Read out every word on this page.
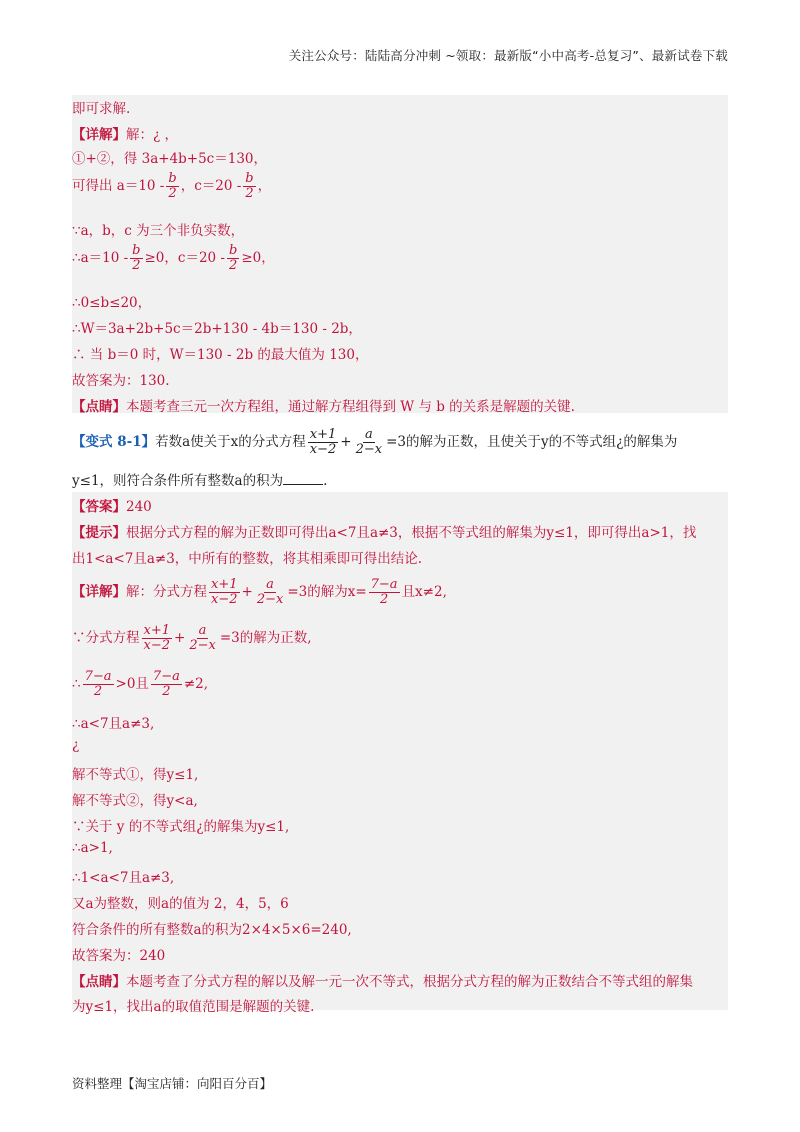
关注公众号：陆陆高分冲刺 ~领取：最新版“小中高考-总复习”、最新试卷下载
即可求解.
【详解】解：¿ ，
①+②，得 3a+4b+5c＝130，
可得出 $a=10 - \frac{b}{2}$ ，$c=20 - \frac{b}{2}$ ，
∵a，b，c 为三个非负实数，
∴a＝10 - $\frac{b}{2} \ge 0$，$c=20 - \frac{b}{2} \ge 0$，
∴0≤b≤20，
∴W＝3a+2b+5c＝2b+130 - 4b＝130 - 2b，
∴ 当 b＝0 时，W＝130 - 2b 的最大值为 130，
故答案为：130.
【点睛】本题考查三元一次方程组，通过解方程组得到 W 与 b 的关系是解题的关键.
【变式 8-1】若数a使关于x的分式方程 $\frac{x+1}{x-2} + \frac{a}{2-x} =3$的解为正数，且使关于y的不等式组¿的解集为
y≤1，则符合条件所有整数a的积为	.
【答案】240
【提示】根据分式方程的解为正数即可得出a<7且a≠3，根据不等式组的解集为y≤1，即可得出a>1，找
出1<a<7且a≠3，中所有的整数，将其相乘即可得出结论.
【详解】解：分式方程 $\frac{x+1}{x-2} + \frac{a}{2-x} =3$的解为$x= \frac{7-a}{2}$ 且x≠2,
∵分式方程 $\frac{x+1}{x-2} + \frac{a}{2-x} =3$的解为正数,
∴ $\frac{7-a}{2} >0$且 $\frac{7-a}{2} \ne 2$,
∴a<7且a≠3,
¿
解不等式①，得y≤1,
解不等式②，得y<a,
∵关于 y 的不等式组¿的解集为y≤1,
∴a>1,
∴1<a<7且a≠3,
又a为整数，则a的值为 2，4，5，6
符合条件的所有整数a的积为2×4×5×6=240,
故答案为：240
【点睛】本题考查了分式方程的解以及解一元一次不等式，根据分式方程的解为正数结合不等式组的解集
为y≤1，找出a的取值范围是解题的关键.
资料整理【淘宝店铺：向阳百分百】
